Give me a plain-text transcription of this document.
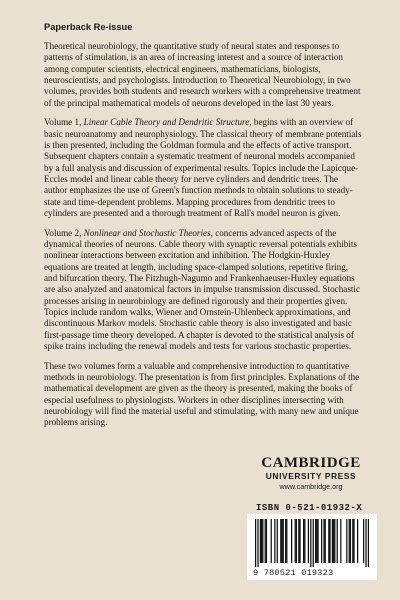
Paperback Re-issue

Theoretical neurobiology, the quantitative study of neural states and responses to patterns of stimulation, is an area of increasing interest and a source of interaction among computer scientists, electrical engineers, mathematicians, biologists, neuroscientists, and psychologists. Introduction to Theoretical Neurobiology, in two volumes, provides both students and research workers with a comprehensive treatment of the principal mathematical models of neurons developed in the last 30 years.

Volume 1, Linear Cable Theory and Dendritic Structure, begins with an overview of basic neuroanatomy and neurophysiology. The classical theory of membrane potentials is then presented, including the Goldman formula and the effects of active transport. Subsequent chapters contain a systematic treatment of neuronal models accompanied by a full analysis and discussion of experimental results. Topics include the Lapicque-Eccles model and linear cable theory for nerve cylinders and dendritic trees. The author emphasizes the use of Green's function methods to obtain solutions to steady-state and time-dependent problems. Mapping procedures from dendritic trees to cylinders are presented and a thorough treatment of Rall's model neuron is given.

Volume 2, Nonlinear and Stochastic Theories, concerns advanced aspects of the dynamical theories of neurons. Cable theory with synaptic reversal potentials exhibits nonlinear interactions between excitation and inhibition. The Hodgkin-Huxley equations are treated at length, including space-clamped solutions, repetitive firing, and bifurcation theory. The Fitzhugh-Nagumo and Frankenhaeuser-Huxley equations are also analyzed and anatomical factors in impulse transmission discussed. Stochastic processes arising in neurobiology are defined rigorously and their properties given. Topics include random walks, Wiener and Ornstein-Uhlenbeck approximations, and discontinuous Markov models. Stochastic cable theory is also investigated and basic first-passage time theory developed. A chapter is devoted to the statistical analysis of spike trains including the renewal models and tests for various stochastic properties.

These two volumes form a valuable and comprehensive introduction to quantitative methods in neurobiology. The presentation is from first principles. Explanations of the mathematical development are given as the theory is presented, making the books of especial usefulness to physiologists. Workers in other disciplines intersecting with neurobiology will find the material useful and stimulating, with many new and unique problems arising.

CAMBRIDGE
UNIVERSITY PRESS
www.cambridge.org
ISBN 0-521-01932-X
9 780521 019323
